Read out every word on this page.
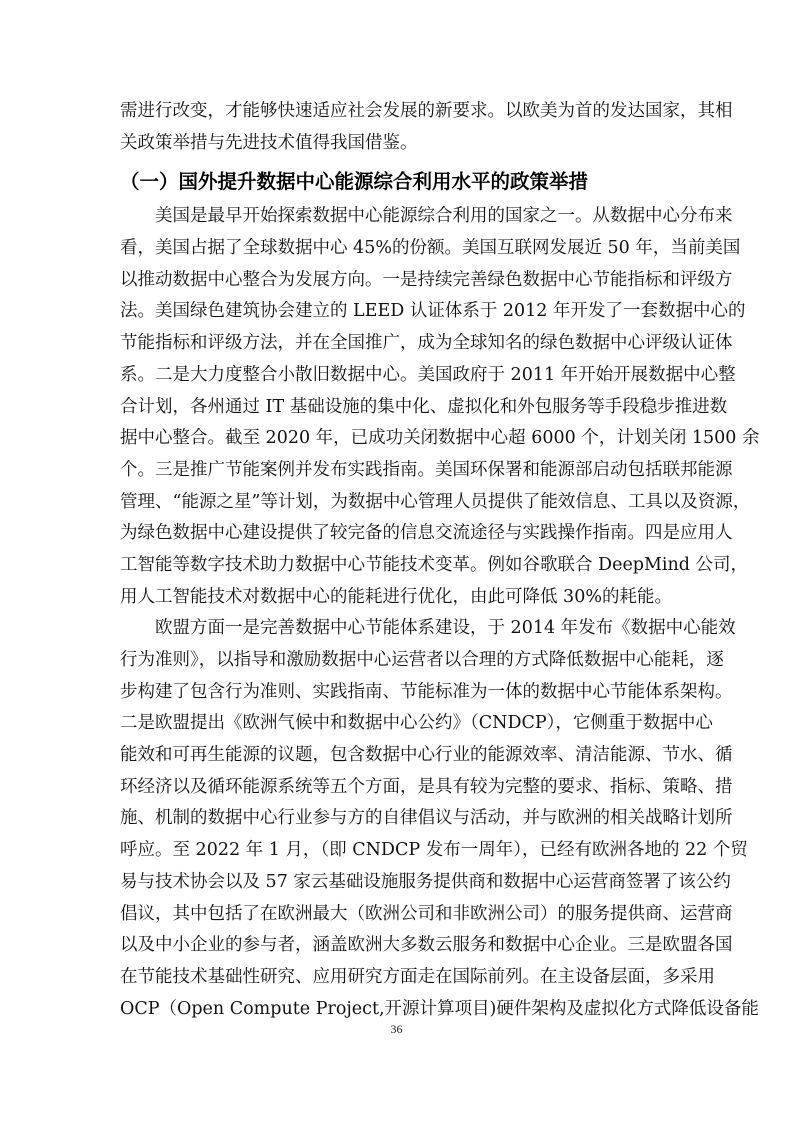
需进行改变，才能够快速适应社会发展的新要求。以欧美为首的发达国家，其相
关政策举措与先进技术值得我国借鉴。
（一）国外提升数据中心能源综合利用水平的政策举措
美国是最早开始探索数据中心能源综合利用的国家之一。从数据中心分布来
看，美国占据了全球数据中心 45%的份额。美国互联网发展近 50 年，当前美国
以推动数据中心整合为发展方向。一是持续完善绿色数据中心节能指标和评级方
法。美国绿色建筑协会建立的 LEED 认证体系于 2012 年开发了一套数据中心的
节能指标和评级方法，并在全国推广，成为全球知名的绿色数据中心评级认证体
系。二是大力度整合小散旧数据中心。美国政府于 2011 年开始开展数据中心整
合计划，各州通过 IT 基础设施的集中化、虚拟化和外包服务等手段稳步推进数
据中心整合。截至 2020 年，已成功关闭数据中心超 6000 个，计划关闭 1500 余
个。三是推广节能案例并发布实践指南。美国环保署和能源部启动包括联邦能源
管理、“能源之星”等计划，为数据中心管理人员提供了能效信息、工具以及资源，
为绿色数据中心建设提供了较完备的信息交流途径与实践操作指南。四是应用人
工智能等数字技术助力数据中心节能技术变革。例如谷歌联合 DeepMind 公司，
用人工智能技术对数据中心的能耗进行优化，由此可降低 30%的耗能。
欧盟方面一是完善数据中心节能体系建设，于 2014 年发布《数据中心能效
行为准则》，以指导和激励数据中心运营者以合理的方式降低数据中心能耗，逐
步构建了包含行为准则、实践指南、节能标准为一体的数据中心节能体系架构。
二是欧盟提出《欧洲气候中和数据中心公约》（CNDCP），它侧重于数据中心
能效和可再生能源的议题，包含数据中心行业的能源效率、清洁能源、节水、循
环经济以及循环能源系统等五个方面，是具有较为完整的要求、指标、策略、措
施、机制的数据中心行业参与方的自律倡议与活动，并与欧洲的相关战略计划所
呼应。至 2022 年 1 月，（即 CNDCP 发布一周年），已经有欧洲各地的 22 个贸
易与技术协会以及 57 家云基础设施服务提供商和数据中心运营商签署了该公约
倡议，其中包括了在欧洲最大（欧洲公司和非欧洲公司）的服务提供商、运营商
以及中小企业的参与者，涵盖欧洲大多数云服务和数据中心企业。三是欧盟各国
在节能技术基础性研究、应用研究方面走在国际前列。在主设备层面，多采用
OCP（Open Compute Project,开源计算项目)硬件架构及虚拟化方式降低设备能
36
